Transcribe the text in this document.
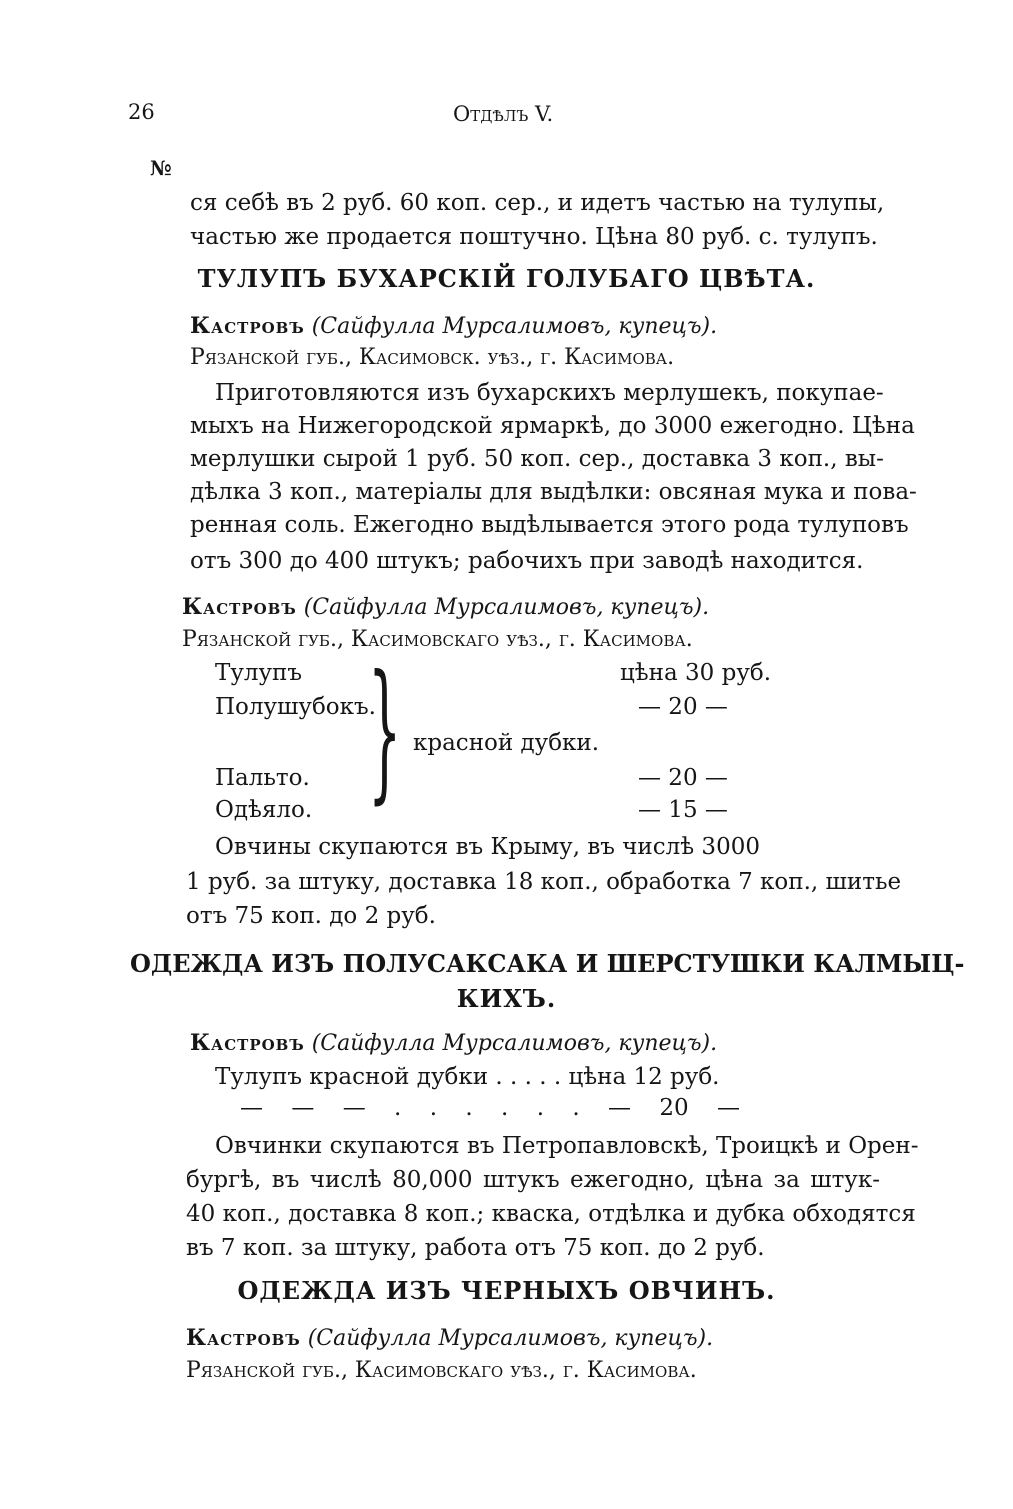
26	Отдѣлъ V.
№
ся себѣ въ 2 руб. 60 коп. сер., и идетъ частью на тулупы,
частью же продается поштучно. Цѣна 80 руб. с. тулупъ.
ТУЛУПЪ БУХАРСКІЙ ГОЛУБАГО ЦВѢТА.
Кастровъ (Сайфулла Мурсалимовъ, купецъ).
Рязанской губ., Касимовск. уѣз., г. Касимова.
Приготовляются изъ бухарскихъ мерлушекъ, покупае-
мыхъ на Нижегородской ярмаркѣ, до 3000 ежегодно. Цѣна
мерлушки сырой 1 руб. 50 коп. сер., доставка 3 коп., вы-
дѣлка 3 коп., матеріалы для выдѣлки: овсяная мука и пова-
ренная соль. Ежегодно выдѣлывается этого рода тулуповъ
отъ 300 до 400 штукъ; рабочихъ при заводѣ находится.
Кастровъ (Сайфулла Мурсалимовъ, купецъ).
Рязанской губ., Касимовскаго уѣз., г. Касимова.
Тулупъ	цѣна 30 руб.
Полушубокъ.	— 20 —
} красной дубки.
Пальто.	— 20 —
Одѣяло.	— 15 —
Овчины скупаются въ Крыму, въ числѣ 3000
1 руб. за штуку, доставка 18 коп., обработка 7 коп., шитье
отъ 75 коп. до 2 руб.
ОДЕЖДА ИЗЪ ПОЛУСАКСАКА И ШЕРСТУШКИ КАЛМЫЦ-
КИХЪ.
Кастровъ (Сайфулла Мурсалимовъ, купецъ).
Тулупъ красной дубки . . . . . цѣна 12 руб.
— — — . . . . . . — 20 —
Овчинки скупаются въ Петропавловскѣ, Троицкѣ и Орен-
бургѣ, въ числѣ 80,000 штукъ ежегодно, цѣна за штук-
40 коп., доставка 8 коп.; кваска, отдѣлка и дубка обходятся
въ 7 коп. за штуку, работа отъ 75 коп. до 2 руб.
ОДЕЖДА ИЗЪ ЧЕРНЫХЪ ОВЧИНЪ.
Кастровъ (Сайфулла Мурсалимовъ, купецъ).
Рязанской губ., Касимовскаго уѣз., г. Касимова.
